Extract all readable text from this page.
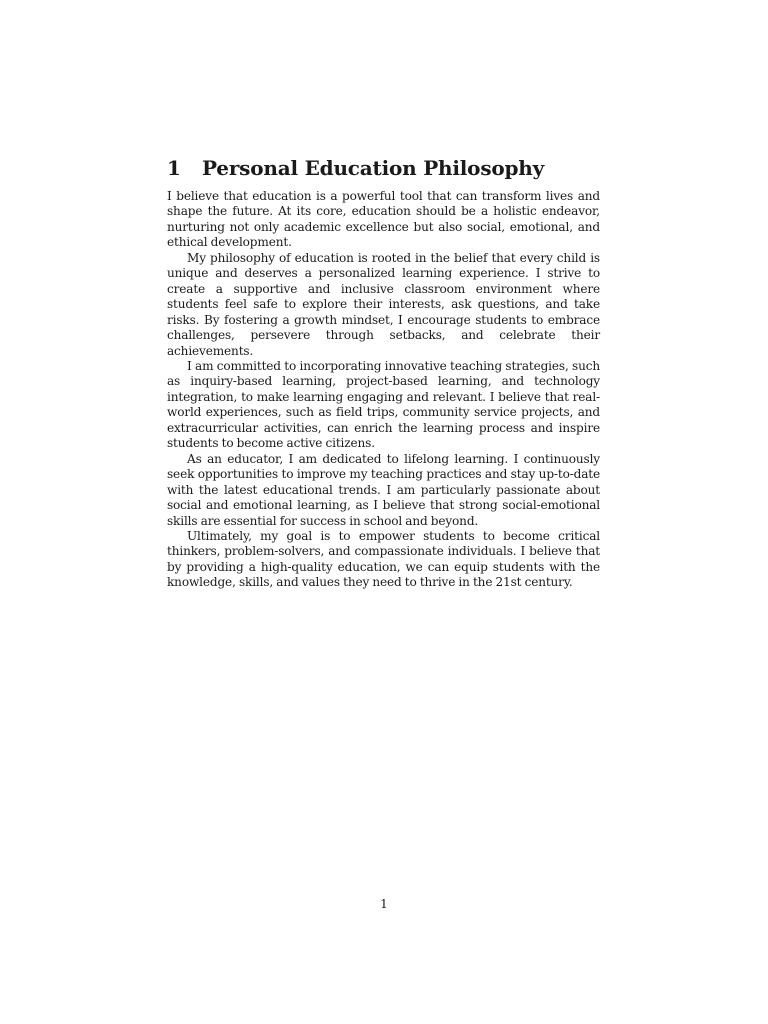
1 Personal Education Philosophy

I believe that education is a powerful tool that can transform lives and shape the future. At its core, education should be a holistic endeavor, nurturing not only academic excellence but also social, emotional, and ethical development.

My philosophy of education is rooted in the belief that every child is unique and deserves a personalized learning experience. I strive to create a supportive and inclusive classroom environment where students feel safe to explore their interests, ask questions, and take risks. By fostering a growth mindset, I encourage students to embrace challenges, persevere through setbacks, and celebrate their achievements.

I am committed to incorporating innovative teaching strategies, such as inquiry-based learning, project-based learning, and technology integration, to make learning engaging and relevant. I believe that real-world experiences, such as field trips, community service projects, and extracurricular activities, can enrich the learning process and inspire students to become active citizens.

As an educator, I am dedicated to lifelong learning. I continuously seek opportunities to improve my teaching practices and stay up-to-date with the latest educational trends. I am particularly passionate about social and emotional learning, as I believe that strong social-emotional skills are essential for success in school and beyond.

Ultimately, my goal is to empower students to become critical thinkers, problem-solvers, and compassionate individuals. I believe that by providing a high-quality education, we can equip students with the knowledge, skills, and values they need to thrive in the 21st century.

1
